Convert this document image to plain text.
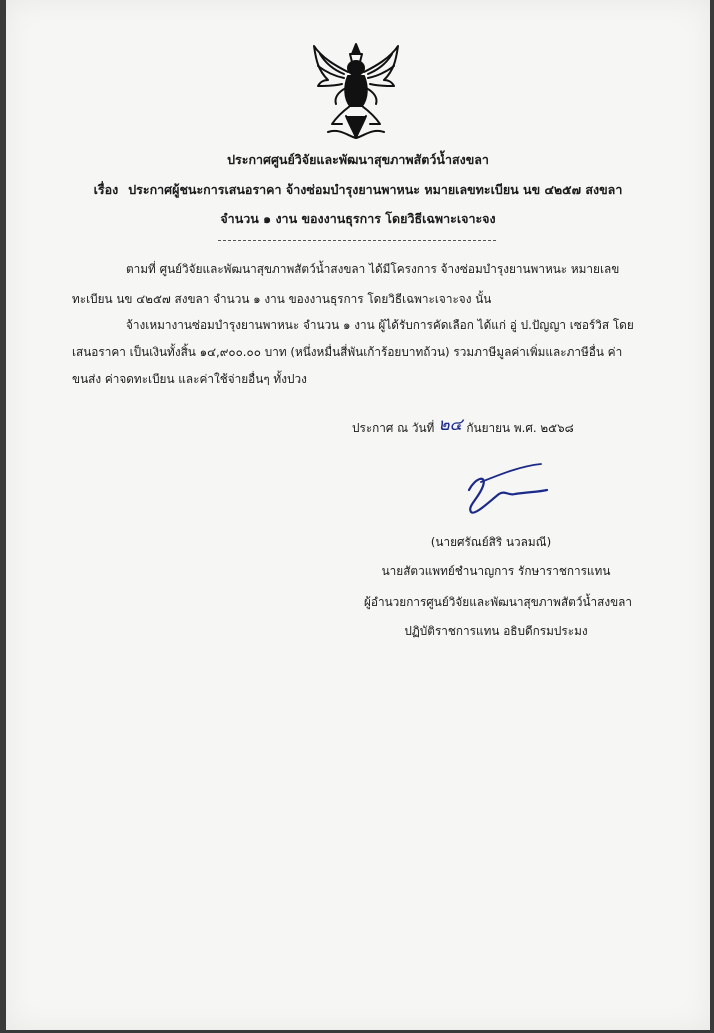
ประกาศศูนย์วิจัยและพัฒนาสุขภาพสัตว์น้ำสงขลา
เรื่อง ประกาศผู้ชนะการเสนอราคา จ้างซ่อมบำรุงยานพาหนะ หมายเลขทะเบียน นข ๔๒๕๗ สงขลา
จำนวน ๑ งาน ของงานธุรการ โดยวิธีเฉพาะเจาะจง
ตามที่ ศูนย์วิจัยและพัฒนาสุขภาพสัตว์น้ำสงขลา ได้มีโครงการ จ้างซ่อมบำรุงยานพาหนะ หมายเลข
ทะเบียน นข ๔๒๕๗ สงขลา จำนวน ๑ งาน ของงานธุรการ โดยวิธีเฉพาะเจาะจง นั้น
จ้างเหมางานซ่อมบำรุงยานพาหนะ จำนวน ๑ งาน ผู้ได้รับการคัดเลือก ได้แก่ อู่ ป.ปัญญา เซอร์วิส โดย
เสนอราคา เป็นเงินทั้งสิ้น ๑๔,๙๐๐.๐๐ บาท (หนึ่งหมื่นสี่พันเก้าร้อยบาทถ้วน) รวมภาษีมูลค่าเพิ่มและภาษีอื่น ค่า
ขนส่ง ค่าจดทะเบียน และค่าใช้จ่ายอื่นๆ ทั้งปวง
ประกาศ ณ วันที่ ๒๔ กันยายน พ.ศ. ๒๕๖๘
(นายศรัณย์สิริ นวลมณี)
นายสัตวแพทย์ชำนาญการ รักษาราชการแทน
ผู้อำนวยการศูนย์วิจัยและพัฒนาสุขภาพสัตว์น้ำสงขลา
ปฏิบัติราชการแทน อธิบดีกรมประมง
